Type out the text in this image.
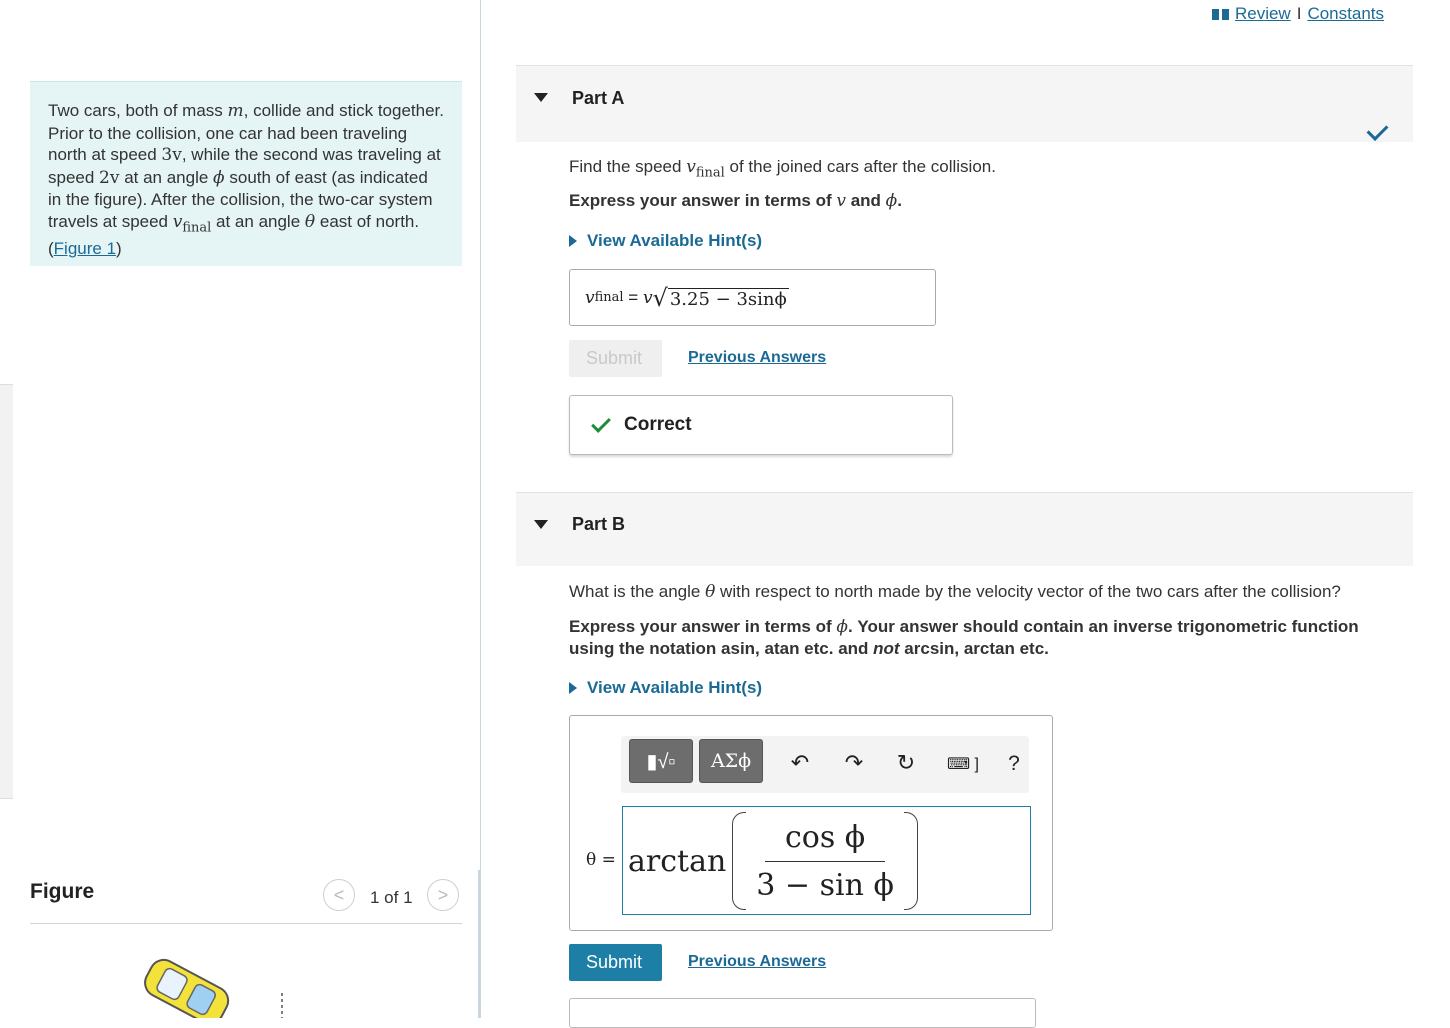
Two cars, both of mass m, collide and stick together. Prior to the collision, one car had been traveling north at speed 3v, while the second was traveling at speed 2v at an angle ϕ south of east (as indicated in the figure). After the collision, the two-car system travels at speed $v_{final}$ at an angle θ east of north. (Figure 1)
Figure	<	1 of 1	>
Review I Constants
Part A
Find the speed $v_{final}$ of the joined cars after the collision.
Express your answer in terms of v and ϕ.
View Available Hint(s)
v final = v √ 3.25 − 3sinϕ
Submit	Previous Answers
Correct
Part B
What is the angle θ with respect to north made by the velocity vector of the two cars after the collision?
Express your answer in terms of ϕ. Your answer should contain an inverse trigonometric function using the notation asin, atan etc. and not arcsin, arctan etc.
View Available Hint(s)
▮√▫	ΑΣϕ	↶ ↷ ↻ ⌨ ]	?
$\theta = \arctan \frac{\text{cos ϕ}}{\text{3 − sin ϕ}}$
Submit	Previous Answers
